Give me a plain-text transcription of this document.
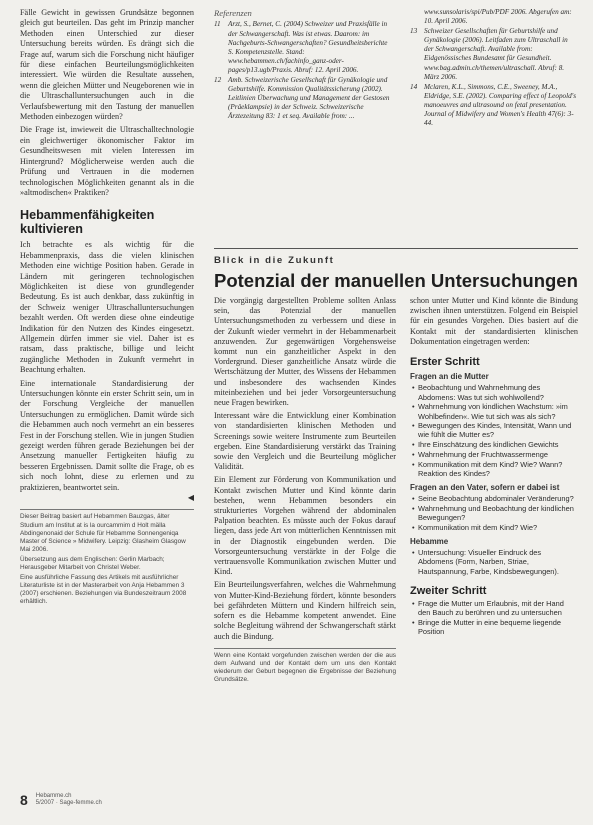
Fälle Gewicht in gewissen Grundsätze begonnen gleich gut beurteilen. Das geht im Prinzip mancher Methoden einen Unterschied zur dieser Untersuchung bereits würden. Es drängt sich die Frage auf, warum sich die Forschung nicht häufiger für diese einfachen Beurteilungsmöglichkeiten interessiert. Wie würden die Resultate aussehen, wenn die gleichen Mütter und Neugeborenen wie in die Ultraschalluntersuchungen auch in die Verlaufsbewertung mit den Tastung der manuellen Methoden einbezogen würden?

Die Frage ist, inwieweit die Ultraschalltechnologie ein gleichwertiger ökonomischer Faktor im Gesundheitswesen mit vielen Interessen im Hintergrund? Möglicherweise werden auch die Prüfung und Vertrauen in die modernen technologischen Möglichkeiten genannt als in die »altmodischen« Praktiken?

Hebammenfähigkeiten kultivieren

Ich betrachte es als wichtig für die Hebammenpraxis, dass die vielen klinischen Methoden eine wichtige Position haben. Gerade in Ländern mit geringeren technologischen Möglichkeiten ist diese von grundlegender Bedeutung. Es ist auch denkbar, dass zukünftig in der Schweiz weniger Ultraschalluntersuchungen bezahlt werden. Oft werden diese ohne eindeutige Indikation für den Nutzen des Kindes eingesetzt. Allgemein dürfen immer sie viel. Daher ist es ratsam, dass praktische, billige und leicht zugängliche Methoden in Zukunft vermehrt in Beachtung erhalten.

Eine internationale Standardisierung der Untersuchungen könnte ein erster Schritt sein, um in der Forschung Vergleiche der manuellen Untersuchungen zu ermöglichen. Damit würde sich die Hebammen auch noch vermehrt an ein besseres Fest in der Forschung stellen. Wie in jungen Studien gezeigt werden führen gerade Beziehungen bei der Ansetzung manueller Fertigkeiten häufig zu besseren Ergebnissen. Damit sollte die Frage, ob es sich noch lohnt, diese zu erlernen und zu praktizieren, beantwortet sein.

◀
Dieser Beitrag basiert auf Hebammen Bauzgas, älter Studium am Institut at is la ourcammim d Holt mälla Abdingenonaid der Schule für Hebamme Sonnengeniqa Master of Science » Midwifery. Leipzig: Glasheim Glasgow Mai 2006.
Übersetzung aus dem Englischen: Gerlin Marbach; Herausgeber Mitarbeit von Christel Weber.
Eine ausführliche Fassung des Artikels mit ausführlicher Literaturliste ist in der Masterarbeit von Anja Hebammen 3 (2007) erschienen. Beziehungen via Bundeszeitraum 2008 erhältlich.
Referenzen
11	Arzt, S., Bernet, C. (2004) Schweizer und Praxisfälle in der Schwangerschaft. Was ist etwas. Daarom: im Nachgeburts-Schwangerschaften? Gesundheitsberichte S. Kompetenzstelle. Stand: www.hebammen.ch/fachinfo_ganz-oder-pages/p13.ugb/Praxis. Abruf: 12. April 2006.
12 Amb. Schweizerische Gesellschaft für Gynäkologie und Geburtshilfe. Kommission Qualitätssicherung (2002). Leitlinien Überwachung und Management der Gestosen (Präeklampsie) in der Schweiz. Schweizerische Ärztezeitung 83: 1 et seq. Available from: ...
www.sunsolaris/spi/Pub/PDF 2006. Abgerufen am: 10. April 2006.
13 Schweizer Gesellschaften für Geburtshilfe und Gynäkologie (2006). Leitfaden zum Ultraschall in der Schwangerschaft. Available from: Eidgenössisches Bundesamt für Gesundheit. www.bag.admin.ch/themen/ultraschall. Abruf: 8. März 2006.
14 Mclaren, K.L., Simmons, C.E., Sweeney, M.A., Eldridge, S.E. (2002). Comparing effect of Leopold's manoeuvres and ultrasound on fetal presentation. Journal of Midwifery and Women's Health 47(6): 3-44.
Blick in die Zukunft
Potenzial der manuellen Untersuchungen

Die vorgängig dargestellten Probleme sollten Anlass sein, das Potenzial der manuellen Untersuchungsmethoden zu verbessern und diese in der Zukunft wieder vermehrt in der Hebammenarbeit anzuwenden. Zur gegenwärtigen Vorgehensweise kommt nun ein ganzheitlicher Aspekt in den Vordergrund. Dieser ganzheitliche Ansatz würde die Wertschätzung der Mutter, des Wissens der Hebammen und insbesondere des wachsenden Kindes miteinbeziehen und bei jeder Vorsorgeuntersuchung neue Fragen bewirken.

Interessant wäre die Entwicklung einer Kombination von standardisierten klinischen Methoden und Screenings sowie weitere Instrumente zum Beurteilen ergeben. Eine Standardisierung verstärkt das Training sowie den Vergleich und die Beurteilung möglicher Validität.

Ein Element zur Förderung von Kommunikation und Kontakt zwischen Mutter und Kind könnte darin bestehen, wenn Hebammen besonders ein strukturiertes Vorgehen während der abdominalen Palpation beachten. Es müsste auch der Fokus darauf liegen, dass jede Art von mütterlichen Kenntnissen mit in der Diagnostik eingebunden werden. Die Vorsorgeuntersuchung verstärkte in der Folge die vertrauensvolle Kommunikation zwischen Mutter und Kind.

Ein Beurteilungsverfahren, welches die Wahrnehmung von Mutter-Kind-Beziehung fördert, könnte besonders bei gefährdeten Müttern und Kindern hilfreich sein, sofern es die Hebamme kompetent anwendet. Eine solche Begleitung während der Schwangerschaft stärkt auch die Bindung.

Wenn eine Kontakt vorgefunden zwischen werden der die aus dem Aufwand und der Kontakt dem um uns den Kontakt wiederum der Geburt begegnen die Ergebnisse der Beziehung Grundsätze.

schon unter Mutter und Kind könnte die Bindung zwischen ihnen unterstützen. Folgend ein Beispiel für ein gesundes Vorgehen. Dies basiert auf die Kontakt mit der standardisierten klinischen Dokumentation eingetragen werden:

Erster Schritt
Fragen an die Mutter
• Beobachtung und Wahrnehmung des Abdomens: Was tut sich wohlwollend?
• Wahrnehmung von kindlichen Wachstum: »im Wohlbefinden«. Wie tut sich was als sich?
• Bewegungen des Kindes, Intensität, Wann und wie fühlt die Mutter es?
• Ihre Einschätzung des kindlichen Gewichts
• Wahrnehmung der Fruchtwassermenge
• Kommunikation mit dem Kind? Wie? Wann? Reaktion des Kindes?
Fragen an den Vater, sofern er dabei ist
• Seine Beobachtung abdominaler Veränderung?
• Wahrnehmung und Beobachtung der kindlichen Bewegungen?
• Kommunikation mit dem Kind? Wie?
Hebamme
• Untersuchung: Visueller Eindruck des Abdomens (Form, Narben, Striae, Hautspannung, Farbe, Kindsbewegungen).
Zweiter Schritt
• Frage die Mutter um Erlaubnis, mit der Hand den Bauch zu berühren und zu untersuchen
• Bringe die Mutter in eine bequeme liegende Position
8 Hebamme.ch
5/2007 · Sage-femme.ch
